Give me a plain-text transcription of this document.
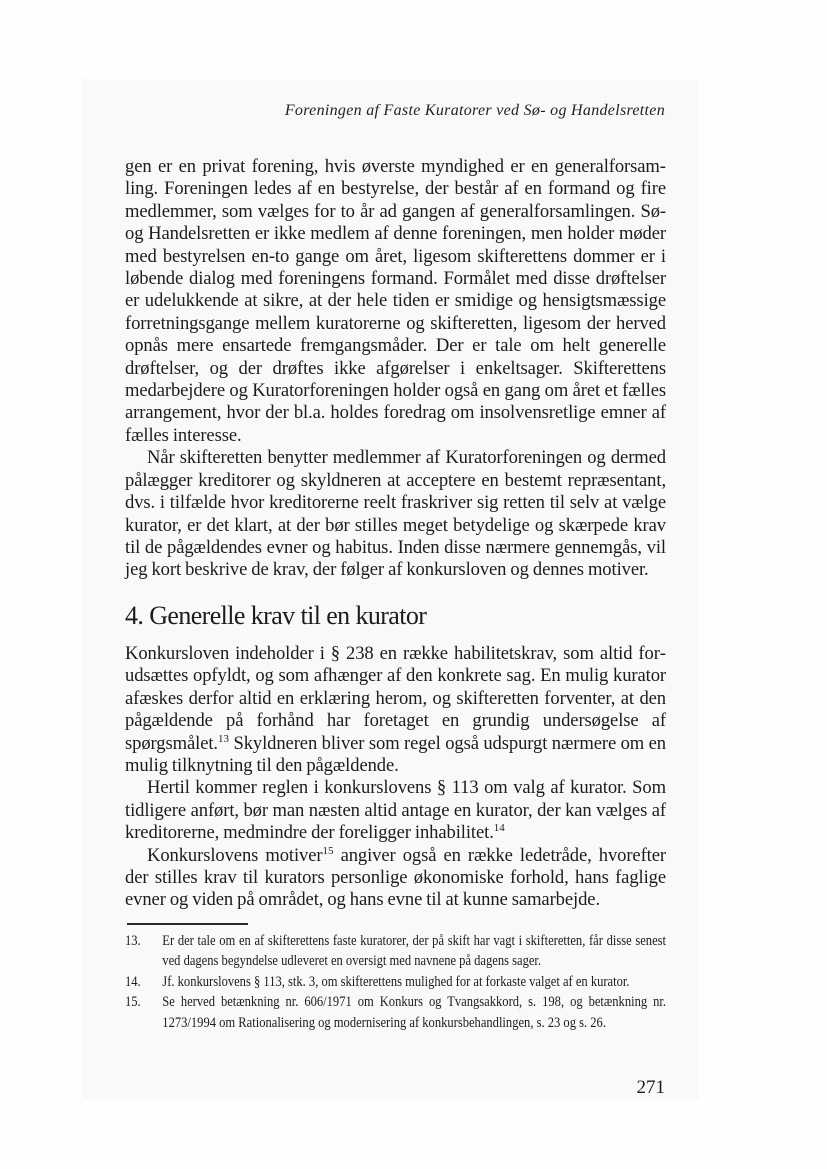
Foreningen af Faste Kuratorer ved Sø- og Handelsretten

gen er en privat forening, hvis øverste myndighed er en generalforsamling. Foreningen ledes af en bestyrelse, der består af en formand og fire medlemmer, som vælges for to år ad gangen af generalforsamlingen. Sø- og Handelsretten er ikke medlem af denne foreningen, men holder møder med bestyrelsen en-to gange om året, ligesom skifterettens dommer er i løbende dialog med foreningens formand. Formålet med disse drøftelser er udelukkende at sikre, at der hele tiden er smidige og hensigtsmæssige forretningsgange mellem kuratorerne og skifteretten, ligesom der herved opnås mere ensartede fremgangsmåder. Der er tale om helt generelle drøftelser, og der drøftes ikke afgørelser i enkeltsager. Skifterettens medarbejdere og Kuratorforeningen holder også en gang om året et fælles arrangement, hvor der bl.a. holdes foredrag om insolvensretlige emner af fælles interesse.

Når skifteretten benytter medlemmer af Kuratorforeningen og dermed pålægger kreditorer og skyldneren at acceptere en bestemt repræsentant, dvs. i tilfælde hvor kreditorerne reelt fraskriver sig retten til selv at vælge kurator, er det klart, at der bør stilles meget betydelige og skærpede krav til de pågældendes evner og habitus. Inden disse nærmere gennemgås, vil jeg kort beskrive de krav, der følger af konkursloven og dennes motiver.

4. Generelle krav til en kurator

Konkursloven indeholder i § 238 en række habilitetskrav, som altid forudsættes opfyldt, og som afhænger af den konkrete sag. En mulig kurator afæskes derfor altid en erklæring herom, og skifteretten forventer, at den pågældende på forhånd har foretaget en grundig undersøgelse af spørgsmålet.$^{13}$ Skyldneren bliver som regel også udspurgt nærmere om en mulig tilknytning til den pågældende.

Hertil kommer reglen i konkurslovens § 113 om valg af kurator. Som tidligere anført, bør man næsten altid antage en kurator, der kan vælges af kreditorerne, medmindre der foreligger inhabilitet.$^{14}$

Konkurslovens motiver$^{15}$ angiver også en række ledetråde, hvorefter der stilles krav til kurators personlige økonomiske forhold, hans faglige evner og viden på området, og hans evne til at kunne samarbejde.

13.	Er der tale om en af skifterettens faste kuratorer, der på skift har vagt i skifteretten, får disse senest ved dagens begyndelse udleveret en oversigt med navnene på dagens sager.
14.	Jf. konkurslovens § 113, stk. 3, om skifterettens mulighed for at forkaste valget af en kurator.
15.	Se herved betænkning nr. 606/1971 om Konkurs og Tvangsakkord, s. 198, og betænkning nr. 1273/1994 om Rationalisering og modernisering af konkursbehandlingen, s. 23 og s. 26.
271
